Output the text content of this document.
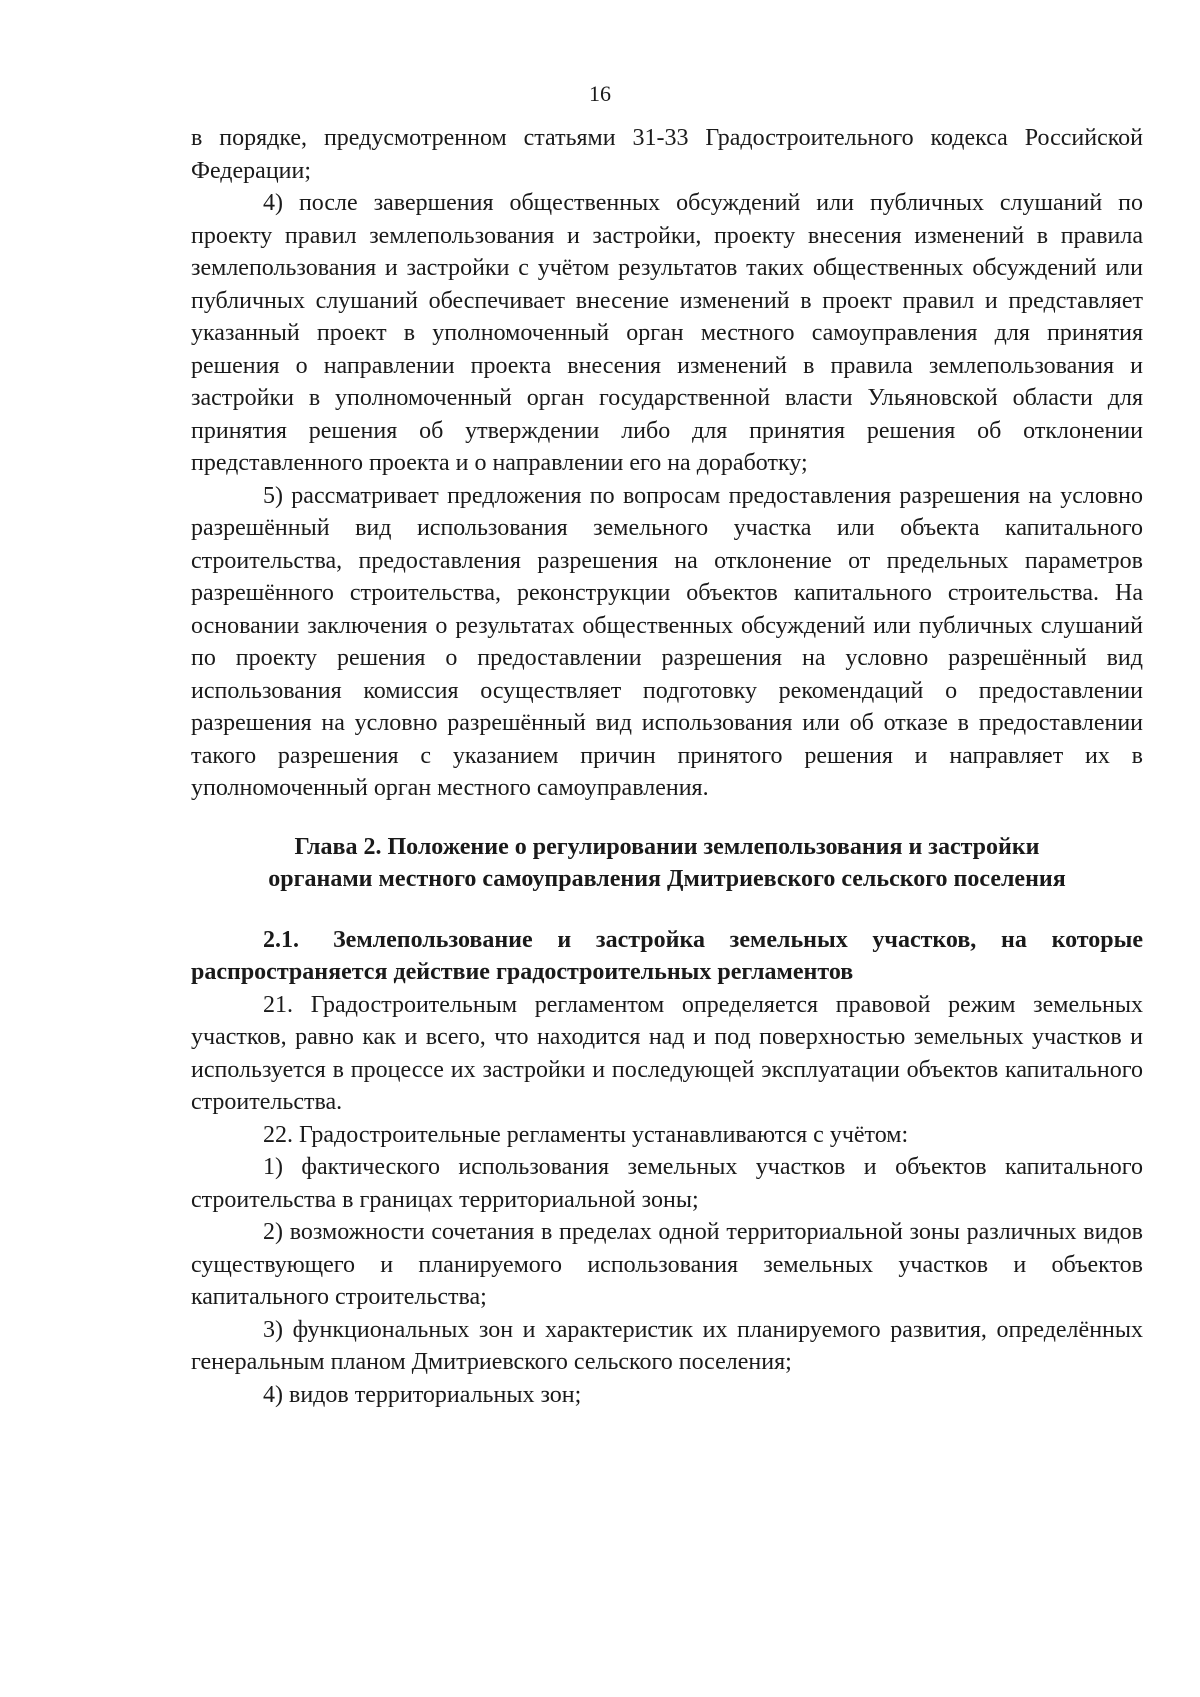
16

в порядке, предусмотренном статьями 31-33 Градостроительного кодекса Российской Федерации;

4) после завершения общественных обсуждений или публичных слушаний по проекту правил землепользования и застройки, проекту внесения изменений в правила землепользования и застройки с учётом результатов таких общественных обсуждений или публичных слушаний обеспечивает внесение изменений в проект правил и представляет указанный проект в уполномоченный орган местного самоуправления для принятия решения о направлении проекта внесения изменений в правила землепользования и застройки в уполномоченный орган государственной власти Ульяновской области для принятия решения об утверждении либо для принятия решения об отклонении представленного проекта и о направлении его на доработку;

5) рассматривает предложения по вопросам предоставления разрешения на условно разрешённый вид использования земельного участка или объекта капитального строительства, предоставления разрешения на отклонение от предельных параметров разрешённого строительства, реконструкции объектов капитального строительства. На основании заключения о результатах общественных обсуждений или публичных слушаний по проекту решения о предоставлении разрешения на условно разрешённый вид использования комиссия осуществляет подготовку рекомендаций о предоставлении разрешения на условно разрешённый вид использования или об отказе в предоставлении такого разрешения с указанием причин принятого решения и направляет их в уполномоченный орган местного самоуправления.

Глава 2. Положение о регулировании землепользования и застройки
органами местного самоуправления Дмитриевского сельского поселения

2.1. Землепользование и застройка земельных участков, на которые распространяется действие градостроительных регламентов

21. Градостроительным регламентом определяется правовой режим земельных участков, равно как и всего, что находится над и под поверхностью земельных участков и используется в процессе их застройки и последующей эксплуатации объектов капитального строительства.

22. Градостроительные регламенты устанавливаются с учётом:

1) фактического использования земельных участков и объектов капитального строительства в границах территориальной зоны;

2) возможности сочетания в пределах одной территориальной зоны различных видов существующего и планируемого использования земельных участков и объектов капитального строительства;

3) функциональных зон и характеристик их планируемого развития, определённых генеральным планом Дмитриевского сельского поселения;

4) видов территориальных зон;
